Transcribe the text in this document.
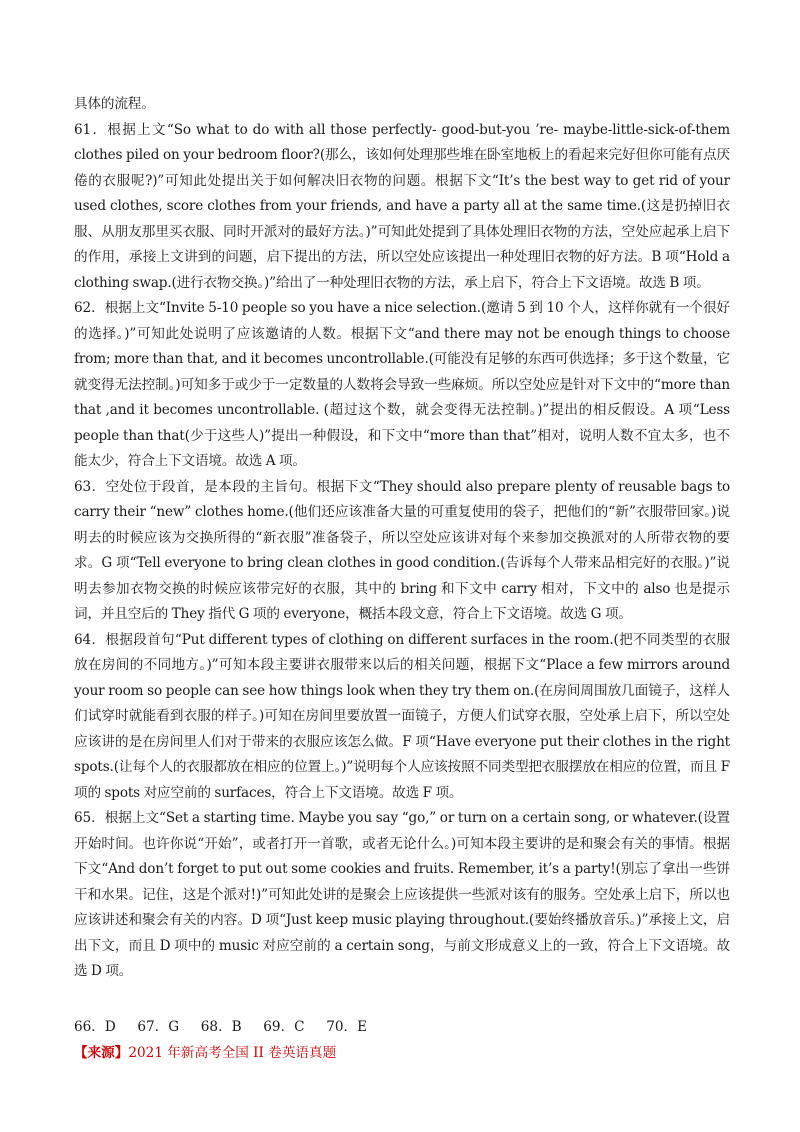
具体的流程。

61．根据上文“So what to do with all those perfectly- good-but-you ’re- maybe-little-sick-of-them clothes piled on your bedroom floor?(那么，该如何处理那些堆在卧室地板上的看起来完好但你可能有点厌倦的衣服呢?)”可知此处提出关于如何解决旧衣物的问题。根据下文“It’s the best way to get rid of your used clothes, score clothes from your friends, and have a party all at the same time.(这是扔掉旧衣服、从朋友那里买衣服、同时开派对的最好方法。)”可知此处提到了具体处理旧衣物的方法，空处应起承上启下的作用，承接上文讲到的问题，启下提出的方法，所以空处应该提出一种处理旧衣物的好方法。B 项“Hold a clothing swap.(进行衣物交换。)”给出了一种处理旧衣物的方法，承上启下，符合上下文语境。故选 B 项。

62．根据上文“Invite 5-10 people so you have a nice selection.(邀请 5 到 10 个人，这样你就有一个很好的选择。)”可知此处说明了应该邀请的人数。根据下文“and there may not be enough things to choose from; more than that, and it becomes uncontrollable.(可能没有足够的东西可供选择；多于这个数量，它就变得无法控制。)可知多于或少于一定数量的人数将会导致一些麻烦。所以空处应是针对下文中的“more than that ,and it becomes uncontrollable. (超过这个数，就会变得无法控制。)”提出的相反假设。A 项“Less people than that(少于这些人)”提出一种假设，和下文中“more than that”相对，说明人数不宜太多，也不能太少，符合上下文语境。故选 A 项。

63．空处位于段首，是本段的主旨句。根据下文“They should also prepare plenty of reusable bags to carry their “new” clothes home.(他们还应该准备大量的可重复使用的袋子，把他们的“新”衣服带回家。)说明去的时候应该为交换所得的“新衣服”准备袋子，所以空处应该讲对每个来参加交换派对的人所带衣物的要求。G 项“Tell everyone to bring clean clothes in good condition.(告诉每个人带来品相完好的衣服。)”说明去参加衣物交换的时候应该带完好的衣服，其中的 bring 和下文中 carry 相对，下文中的 also 也是提示词，并且空后的 They 指代 G 项的 everyone，概括本段文意，符合上下文语境。故选 G 项。

64．根据段首句“Put different types of clothing on different surfaces in the room.(把不同类型的衣服放在房间的不同地方。)”可知本段主要讲衣服带来以后的相关问题，根据下文“Place a few mirrors around your room so people can see how things look when they try them on.(在房间周围放几面镜子，这样人们试穿时就能看到衣服的样子。)可知在房间里要放置一面镜子，方便人们试穿衣服，空处承上启下，所以空处应该讲的是在房间里人们对于带来的衣服应该怎么做。F 项“Have everyone put their clothes in the right spots.(让每个人的衣服都放在相应的位置上。)”说明每个人应该按照不同类型把衣服摆放在相应的位置，而且 F 项的 spots 对应空前的 surfaces，符合上下文语境。故选 F 项。

65．根据上文“Set a starting time. Maybe you say “go,” or turn on a certain song, or whatever.(设置开始时间。也许你说“开始”，或者打开一首歌，或者无论什么。)可知本段主要讲的是和聚会有关的事情。根据下文“And don’t forget to put out some cookies and fruits. Remember, it’s a party!(别忘了拿出一些饼干和水果。记住，这是个派对!)”可知此处讲的是聚会上应该提供一些派对该有的服务。空处承上启下，所以也应该讲述和聚会有关的内容。D 项“Just keep music playing throughout.(要始终播放音乐。)”承接上文，启出下文，而且 D 项中的 music 对应空前的 a certain song，与前文形成意义上的一致，符合上下文语境。故选 D 项。

66．D 67．G 68．B 69．C 70．E
【来源】2021 年新高考全国 II 卷英语真题
